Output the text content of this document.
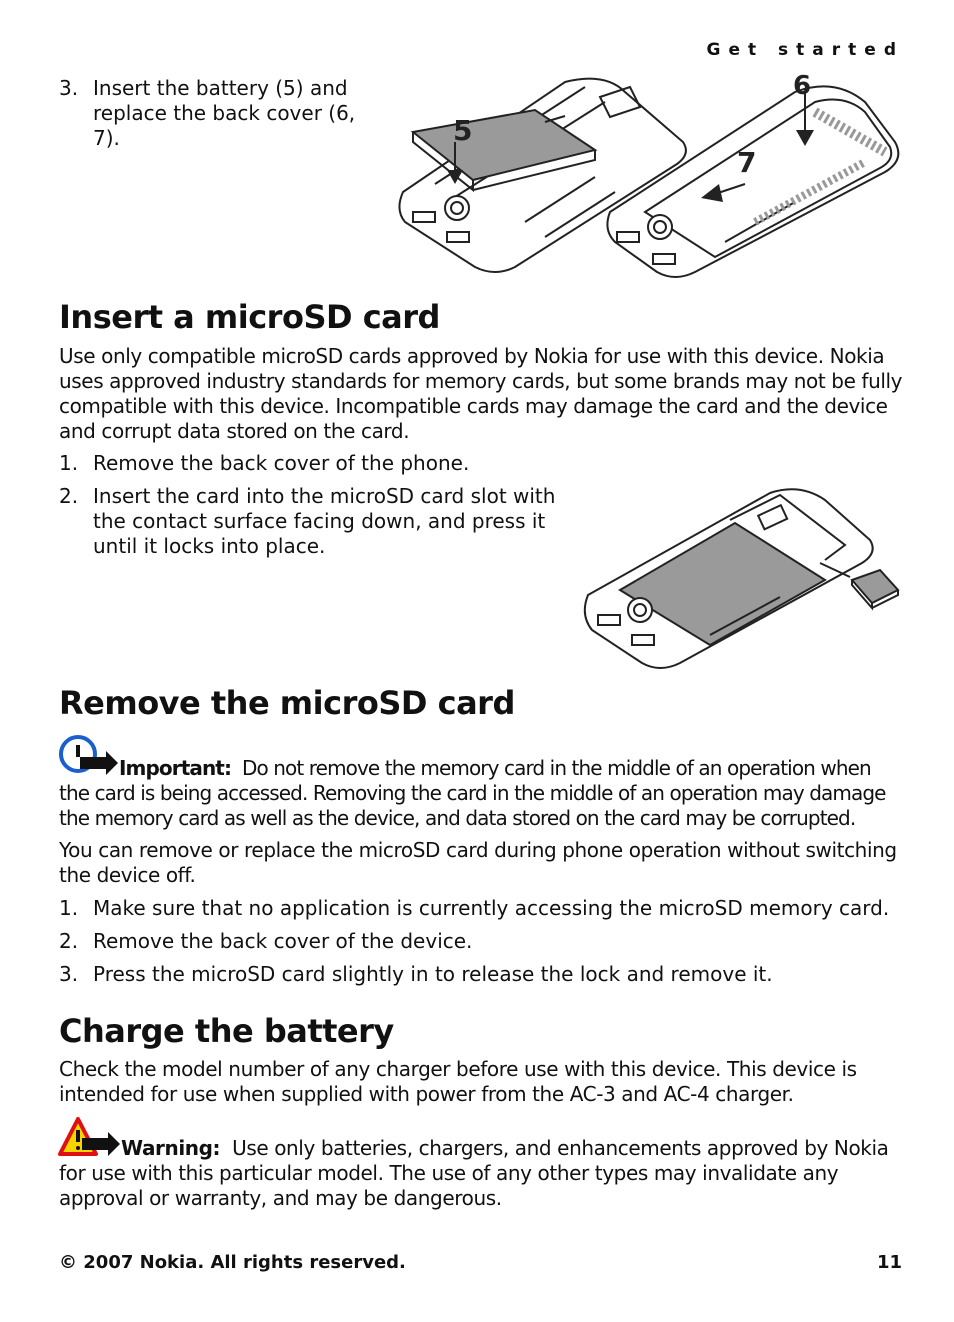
Get started
3. Insert the battery (5) and replace the back cover (6, 7).	5
6
7
Insert a microSD card
Use only compatible microSD cards approved by Nokia for use with this device. Nokia uses approved industry standards for memory cards, but some brands may not be fully compatible with this device. Incompatible cards may damage the card and the device and corrupt data stored on the card.
1. Remove the back cover of the phone.
2. Insert the card into the microSD card slot with the contact surface facing down, and press it until it locks into place.
Remove the microSD card
Important: Do not remove the memory card in the middle of an operation when the card is being accessed. Removing the card in the middle of an operation may damage the memory card as well as the device, and data stored on the card may be corrupted.
You can remove or replace the microSD card during phone operation without switching the device off.
1. Make sure that no application is currently accessing the microSD memory card.
2. Remove the back cover of the device.
3. Press the microSD card slightly in to release the lock and remove it.
Charge the battery
Check the model number of any charger before use with this device. This device is intended for use when supplied with power from the AC-3 and AC-4 charger.
Warning: Use only batteries, chargers, and enhancements approved by Nokia for use with this particular model. The use of any other types may invalidate any approval or warranty, and may be dangerous.
© 2007 Nokia. All rights reserved.	11
